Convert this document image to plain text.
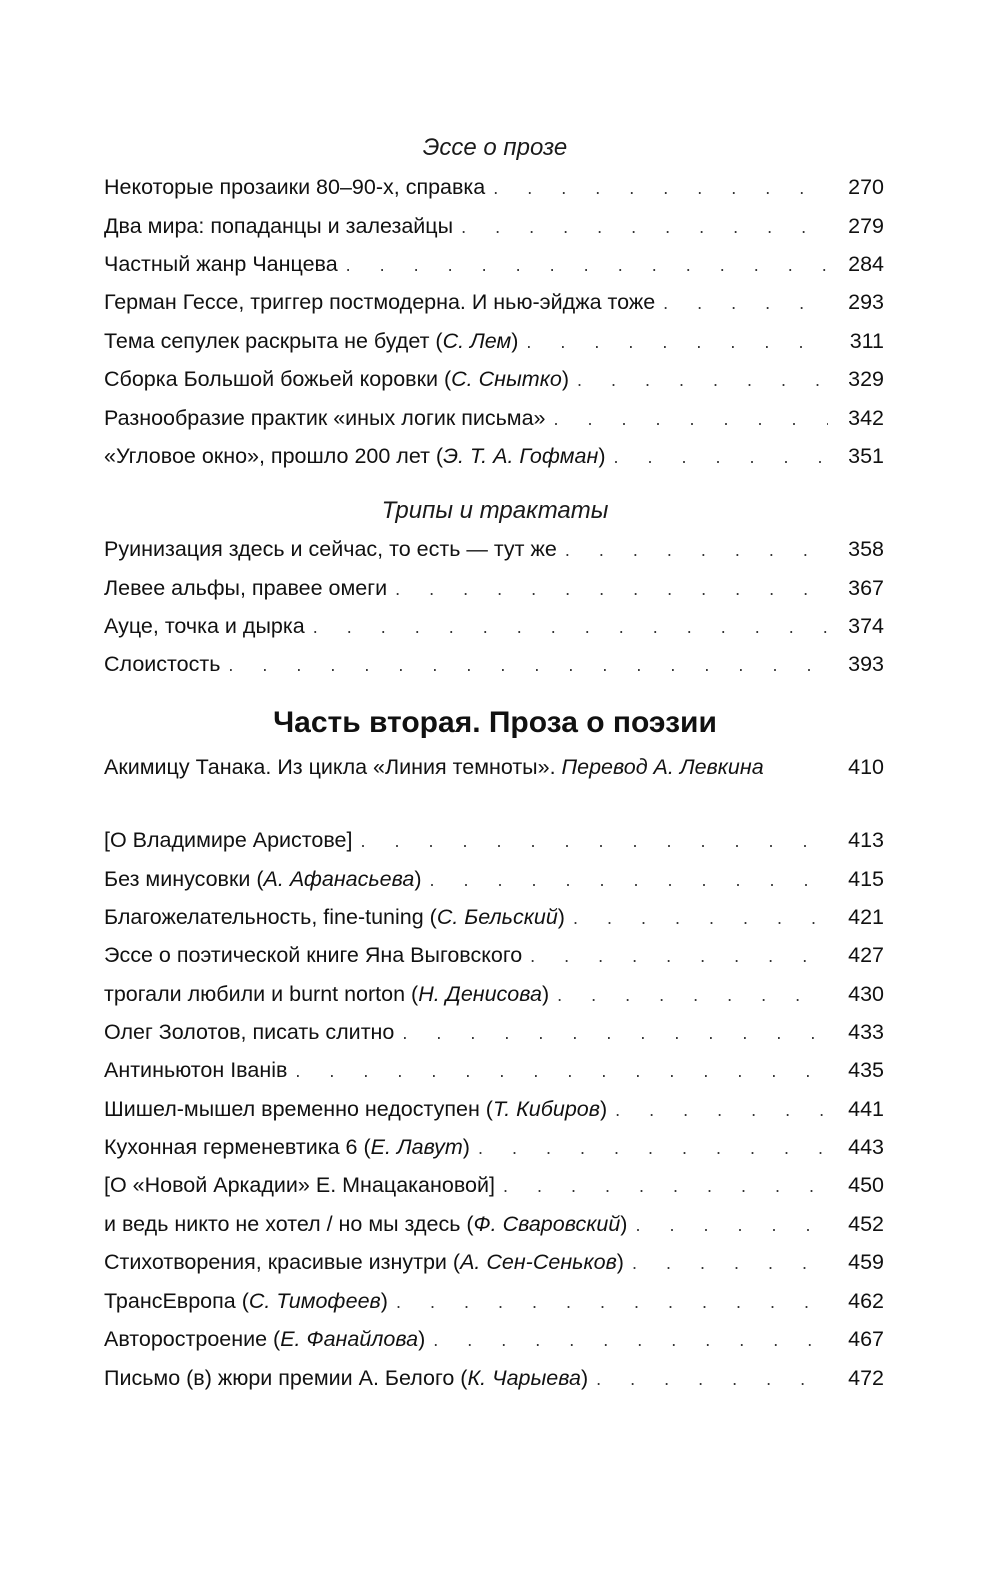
Эссе о прозе
Некоторые прозаики 80–90-х, справка . . .	270
Два мира: попаданцы и залезайцы . . .	279
Частный жанр Чанцева . . .	284
Герман Гессе, триггер постмодерна. И нью-эйджа тоже . . .	293
Тема сепулек раскрыта не будет (С. Лем) . . .	311
Сборка Большой божьей коровки (С. Снытко) . . .	329
Разнообразие практик «иных логик письма» . . .	342
«Угловое окно», прошло 200 лет (Э. Т. А. Гофман) . . .	351
Трипы и трактаты
Руинизация здесь и сейчас, то есть — тут же . . .	358
Левее альфы, правее омеги . . .	367
Ауце, точка и дырка . . .	374
Слоистость . . .	393
Часть вторая. Проза о поэзии
Акимицу Танака. Из цикла «Линия темноты». Перевод А. Левкина	410
[О Владимире Аристове] . . .	413
Без минусовки (А. Афанасьева) . . .	415
Благожелательность, fine-tuning (С. Бельский) . . .	421
Эссе о поэтической книге Яна Выговского . . .	427
трогали любили и burnt norton (Н. Денисова) . . .	430
Олег Золотов, писать слитно . . .	433
Антиньютон Іванів . . .	435
Шишел-мышел временно недоступен (Т. Кибиров) . . .	441
Кухонная герменевтика 6 (Е. Лавут) . . .	443
[О «Новой Аркадии» Е. Мнацакановой] . . .	450
и ведь никто не хотел / но мы здесь (Ф. Сваровский) . . .	452
Стихотворения, красивые изнутри (А. Сен-Сеньков) . . .	459
ТрансЕвропа (С. Тимофеев) . . .	462
Авторостроение (Е. Фанайлова) . . .	467
Письмо (в) жюри премии А. Белого (К. Чарыева) . . .	472
